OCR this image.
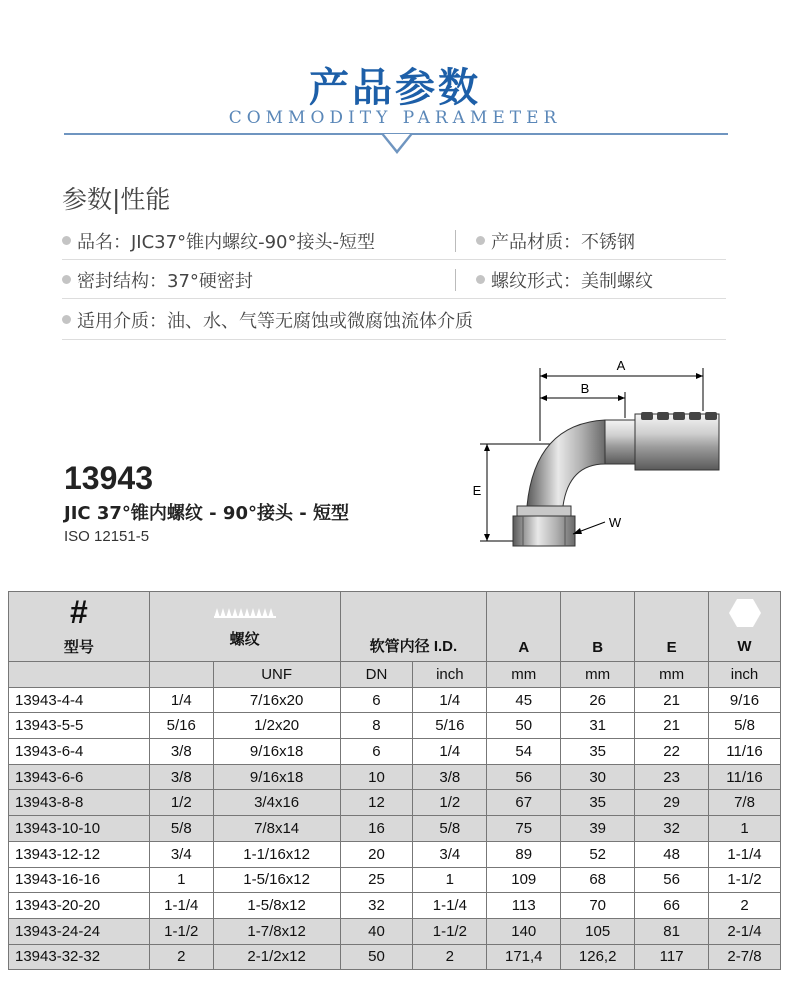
产品参数
COMMODITY PARAMETER
参数|性能
品名：JIC37°锥内螺纹-90°接头-短型	产品材质：不锈钢
密封结构：37°硬密封	螺纹形式：美制螺纹
适用介质：油、水、气等无腐蚀或微腐蚀流体介质
13943
JIC 37°锥内螺纹 - 90°接头 - 短型
ISO 12151-5
A
B
E
W
#
型号	螺纹		软管内径 I.D.		A	B	E	W
		UNF	DN	inch	mm	mm	mm	inch
13943-4-4	1/4	7/16x20	6	1/4	45	26	21	9/16
13943-5-5	5/16	1/2x20	8	5/16	50	31	21	5/8
13943-6-4	3/8	9/16x18	6	1/4	54	35	22	11/16
13943-6-6	3/8	9/16x18	10	3/8	56	30	23	11/16
13943-8-8	1/2	3/4x16	12	1/2	67	35	29	7/8
13943-10-10	5/8	7/8x14	16	5/8	75	39	32	1
13943-12-12	3/4	1-1/16x12	20	3/4	89	52	48	1-1/4
13943-16-16	1	1-5/16x12	25	1	109	68	56	1-1/2
13943-20-20	1-1/4	1-5/8x12	32	1-1/4	113	70	66	2
13943-24-24	1-1/2	1-7/8x12	40	1-1/2	140	105	81	2-1/4
13943-32-32	2	2-1/2x12	50	2	171,4	126,2	117	2-7/8
